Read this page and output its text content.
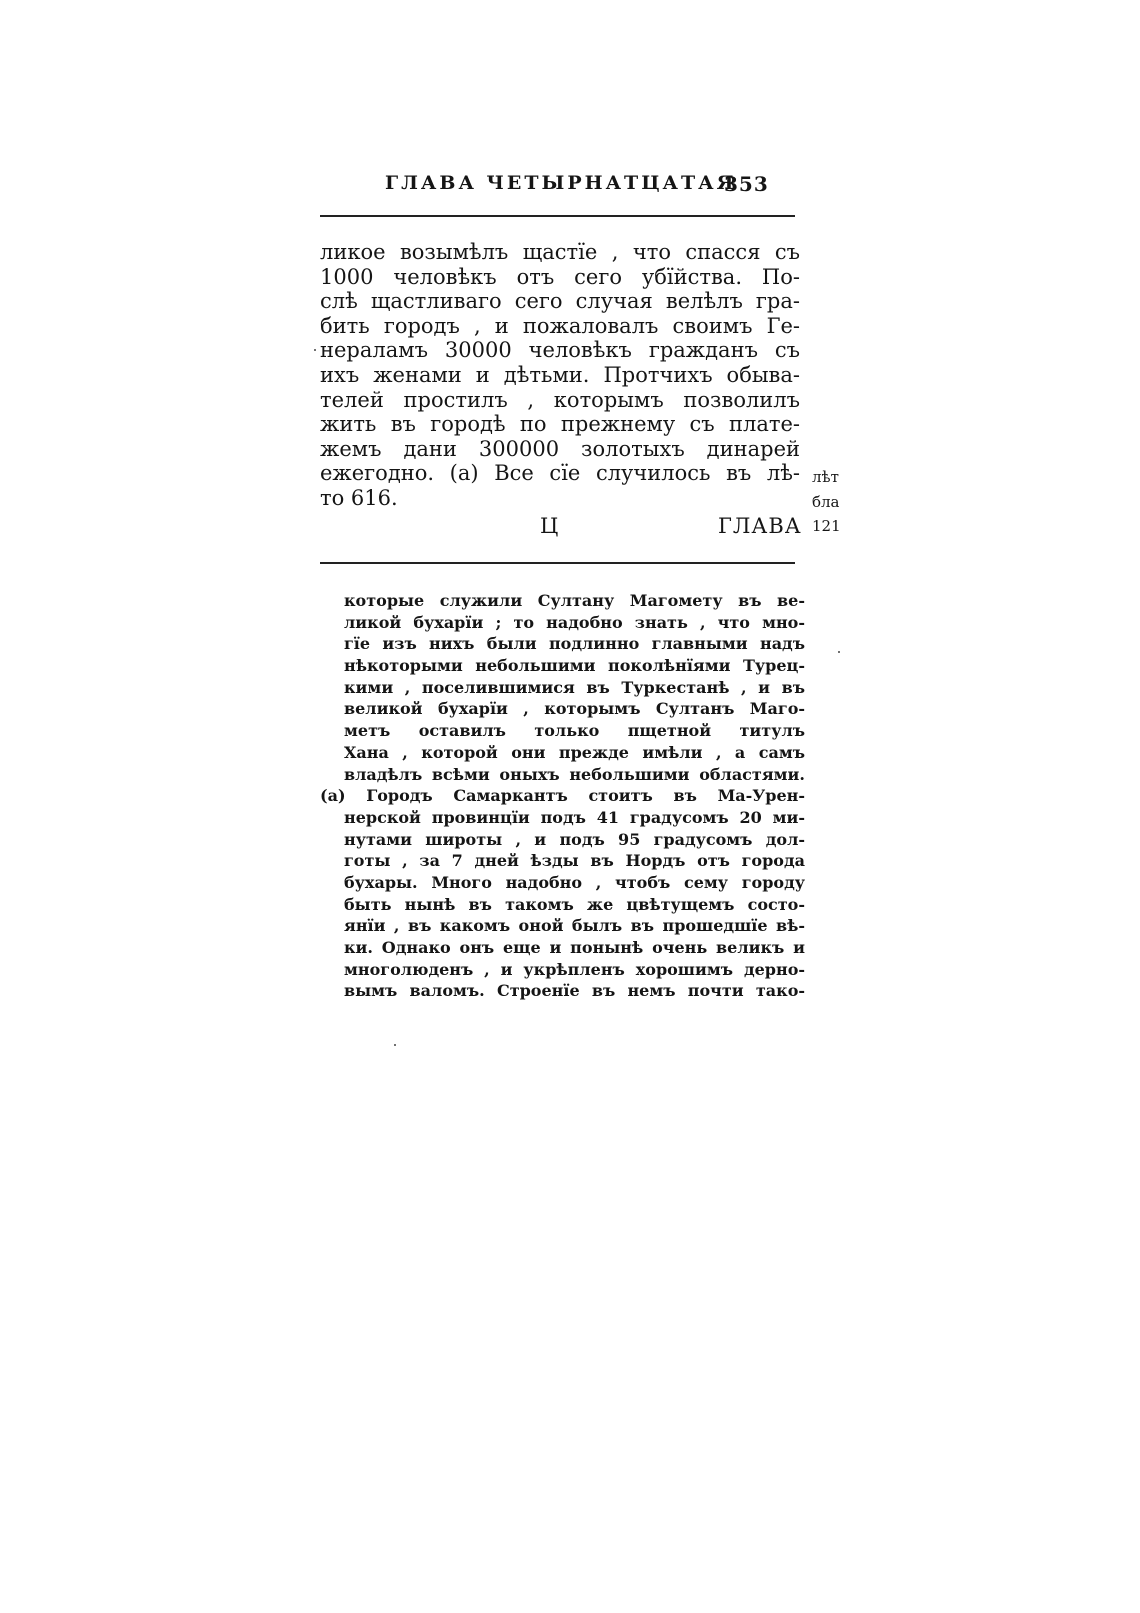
ГЛАВА ЧЕТЫРНАТЦАТАЯ
353
ликое возымѣлъ щастїе , что спасся съ
1000 человѣкъ отъ сего убїйства. По-
слѣ щастливаго сего случая велѣлъ гра-
бить городъ , и пожаловалъ своимъ Ге-
нераламъ 30000 человѣкъ гражданъ съ
ихъ женами и дѣтьми. Протчихъ обыва-
телей простилъ , которымъ позволилъ
жить въ городѣ по прежнему съ плате-
жемъ дани 300000 золотыхъ динарей
ежегодно. (a) Все сїе случилось въ лѣ-
то 616.
лѣт
бла
121
Ц	ГЛАВА
которые служили Султану Магомету въ ве-
ликой бухарїи ; то надобно знать , что мно-
гїе изъ нихъ были подлинно главными надъ
нѣкоторыми небольшими поколѣнїями Турец-
кими , поселившимися въ Туркестанѣ , и въ
великой бухарїи , которымъ Султанъ Маго-
метъ оставилъ только пщетной титулъ
Хана , которой они прежде имѣли , а самъ
владѣлъ всѣми оныхъ небольшими областями.
(a) Городъ Самаркантъ стоитъ въ Ма-Урен-
нерской провинцїи подъ 41 градусомъ 20 ми-
нутами широты , и подъ 95 градусомъ дол-
готы , за 7 дней ѣзды въ Нордъ отъ города
бухары. Много надобно , чтобъ сему городу
быть нынѣ въ такомъ же цвѣтущемъ состо-
янїи , въ какомъ оной былъ въ прошедшїе вѣ-
ки. Однако онъ еще и понынѣ очень великъ и
многолюденъ , и укрѣпленъ хорошимъ дерно-
вымъ валомъ. Строенїе въ немъ почти тако-
